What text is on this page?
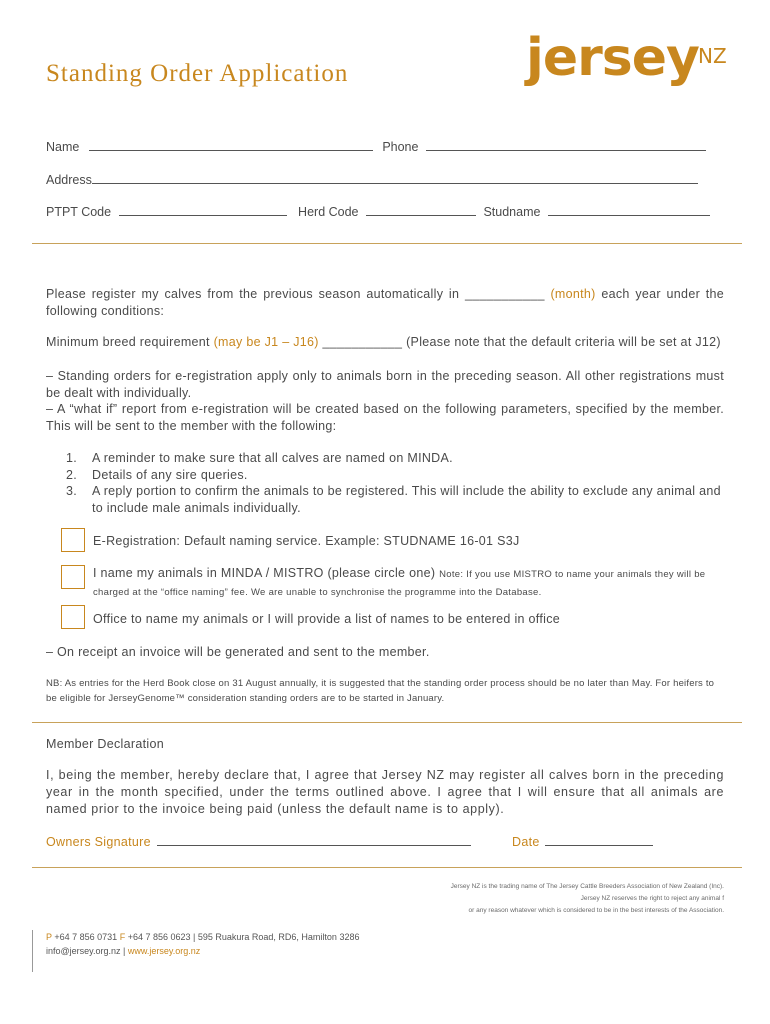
Standing Order Application	jersey NZ
Name	Phone
Address
PTPT Code	Herd Code	Studname

Please register my calves from the previous season automatically in ___________ (month) each year under the following conditions:

Minimum breed requirement (may be J1 – J16) ___________ (Please note that the default criteria will be set at J12)

– Standing orders for e-registration apply only to animals born in the preceding season. All other registrations must be dealt with individually.

– A “what if” report from e-registration will be created based on the following parameters, specified by the member. This will be sent to the member with the following:

1.	A reminder to make sure that all calves are named on MINDA.
2.	Details of any sire queries.
3.	A reply portion to confirm the animals to be registered. This will include the ability to exclude any animal and to include male animals individually.
E-Registration: Default naming service. Example: STUDNAME 16-01 S3J
I name my animals in MINDA / MISTRO (please circle one) Note: If you use MISTRO to name your animals they will be charged at the “office naming” fee. We are unable to synchronise the programme into the Database.
Office to name my animals or I will provide a list of names to be entered in office
– On receipt an invoice will be generated and sent to the member.
NB: As entries for the Herd Book close on 31 August annually, it is suggested that the standing order process should be no later than May. For heifers to be eligible for JerseyGenome™ consideration standing orders are to be started in January.
Member Declaration
I, being the member, hereby declare that, I agree that Jersey NZ may register all calves born in the preceding year in the month specified, under the terms outlined above. I agree that I will ensure that all animals are named prior to the invoice being paid (unless the default name is to apply).
Owners Signature	Date
Jersey NZ is the trading name of The Jersey Cattle Breeders Association of New Zealand (Inc).
Jersey NZ reserves the right to reject any animal f
or any reason whatever which is considered to be in the best interests of the Association.
P +64 7 856 0731 F +64 7 856 0623 | 595 Ruakura Road, RD6, Hamilton 3286
info@jersey.org.nz | www.jersey.org.nz
